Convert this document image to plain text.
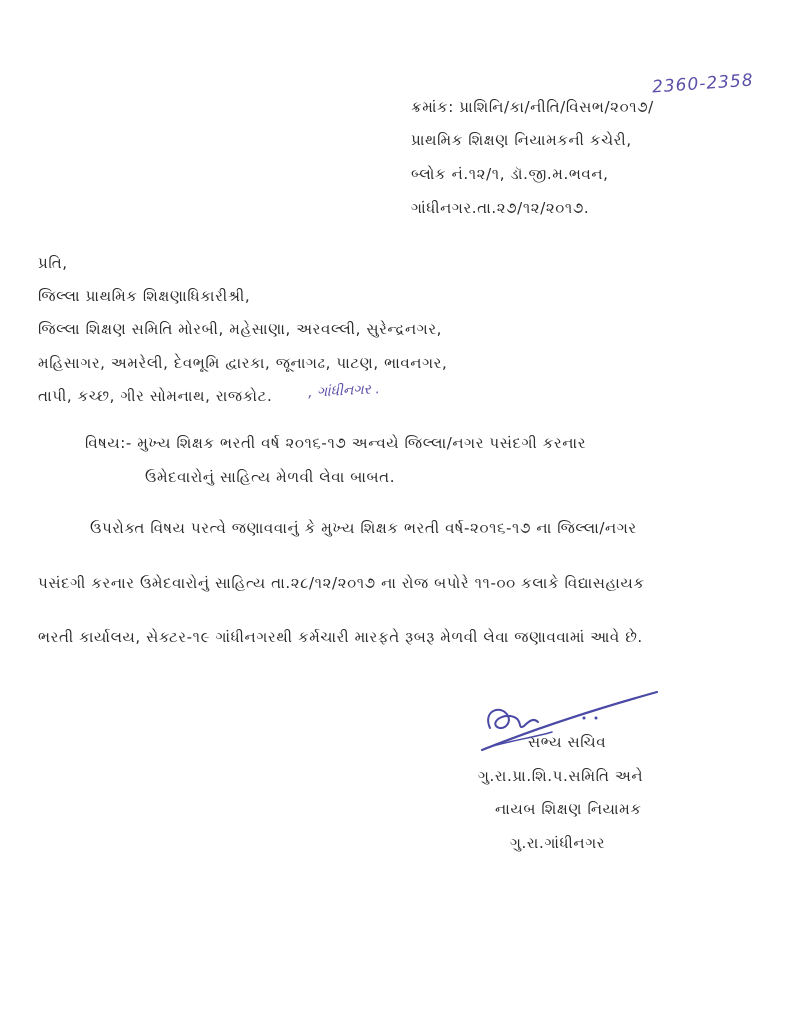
2360-2358
ક્રમાંક: પ્રાશિનિ/કા/નીતિ/વિસભ/૨૦૧૭/
પ્રાથમિક શિક્ષણ નિયામકની કચેરી,
બ્લોક નં.૧૨/૧, ડૉ.જી.મ.ભવન,
ગાંધીનગર.તા.૨૭/૧૨/૨૦૧૭.
પ્રતિ,
જિલ્લા પ્રાથમિક શિક્ષણાધિકારીશ્રી,
જિલ્લા શિક્ષણ સમિતિ મોરબી, મહેસાણા, અરવલ્લી, સુરેન્દ્રનગર,
મહિસાગર, અમરેલી, દેવભૂમિ દ્વારકા, જૂનાગઢ, પાટણ, ભાવનગર,
તાપી, કચ્છ, ગીર સોમનાથ, રાજકોટ.	, ગાંધીનગર .
વિષય:- મુખ્ય શિક્ષક ભરતી વર્ષ ૨૦૧૬-૧૭ અન્વયે જિલ્લા/નગર પસંદગી કરનાર
ઉમેદવારોનું સાહિત્ય મેળવી લેવા બાબત.
ઉપરોક્ત વિષય પરત્વે જણાવવાનું કે મુખ્ય શિક્ષક ભરતી વર્ષ-૨૦૧૬-૧૭ ના જિલ્લા/નગર
પસંદગી કરનાર ઉમેદવારોનું સાહિત્ય તા.૨૮/૧૨/૨૦૧૭ ના રોજ બપોરે ૧૧-૦૦ કલાકે વિદ્યાસહાયક
ભરતી કાર્યાલય, સેક્ટર-૧૯ ગાંધીનગરથી કર્મચારી મારફતે રૂબરૂ મેળવી લેવા જણાવવામાં આવે છે.
સભ્ય સચિવ
ગુ.રા.પ્રા.શિ.પ.સમિતિ અને
નાયબ શિક્ષણ નિયામક
ગુ.રા.ગાંધીનગર
